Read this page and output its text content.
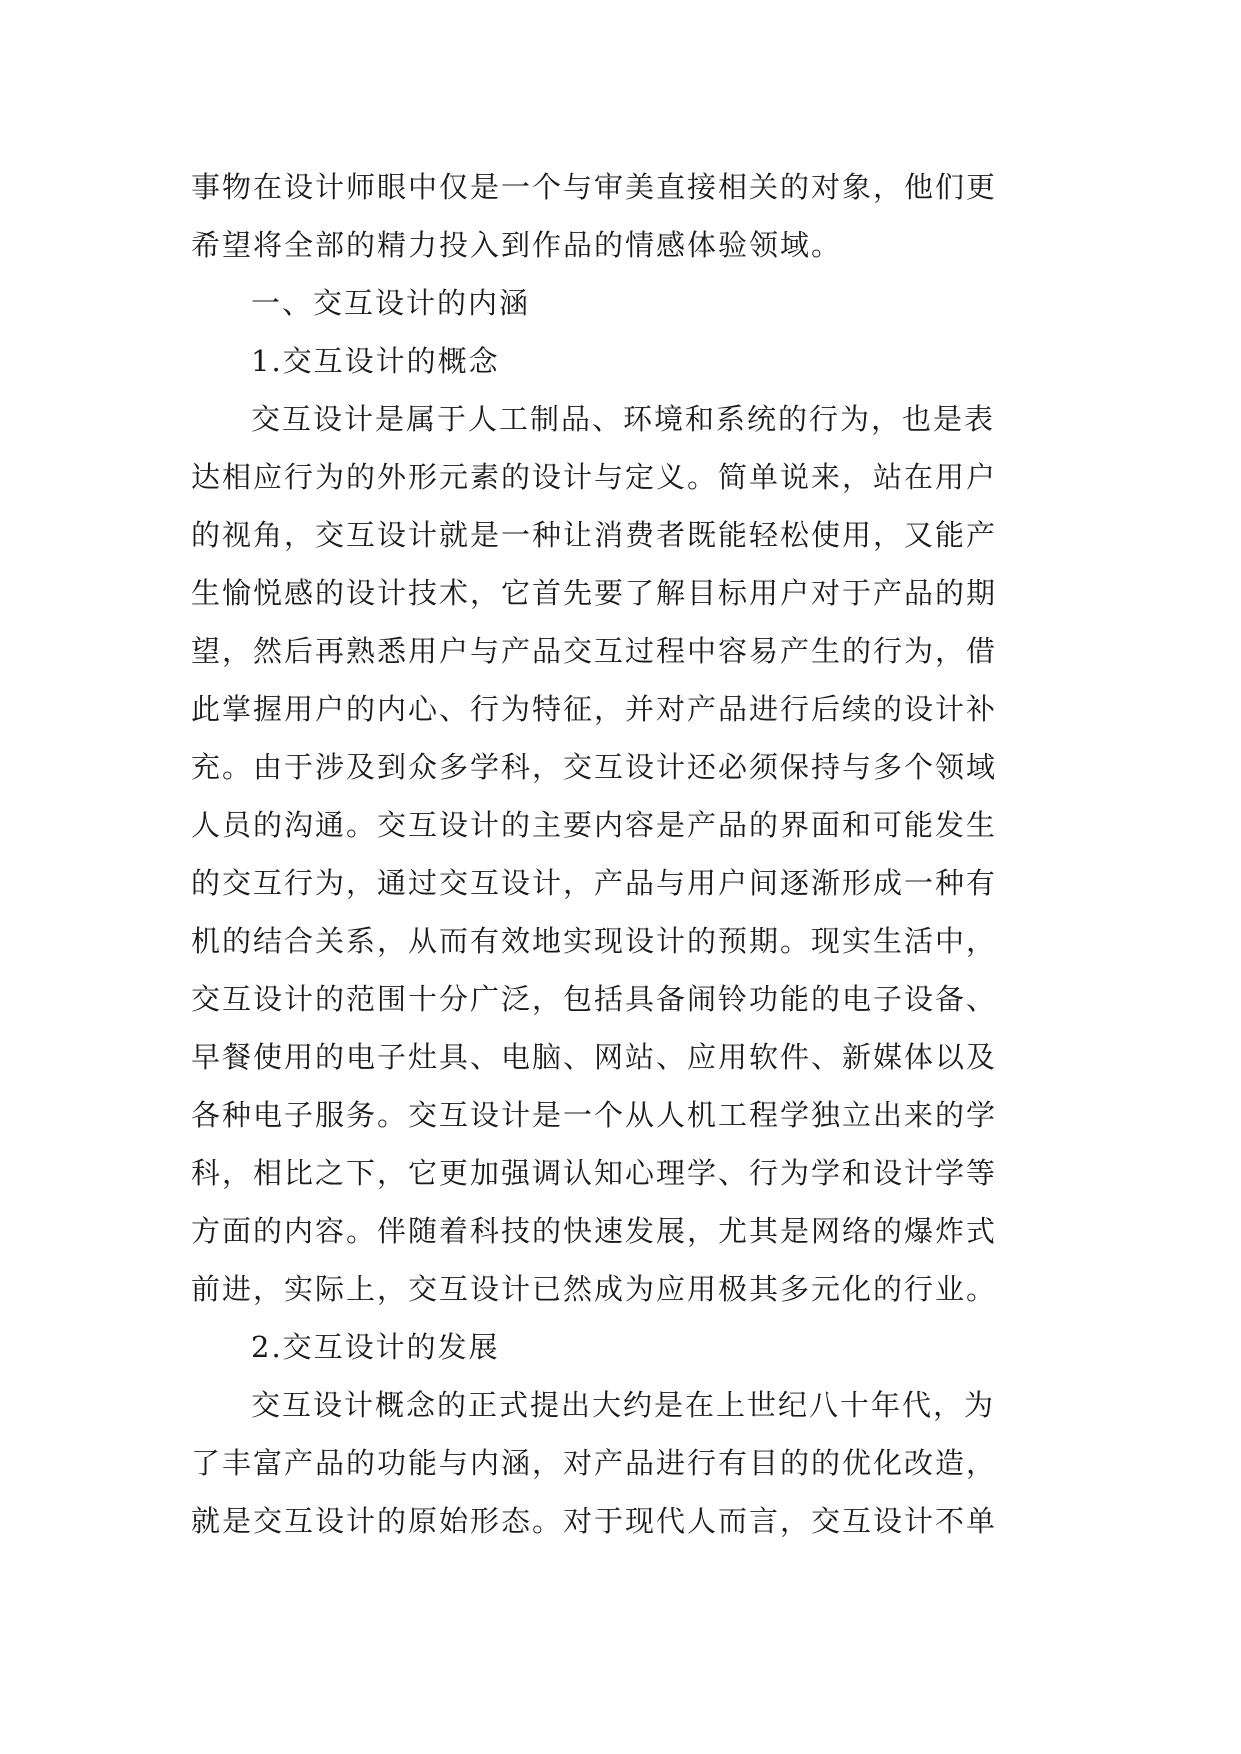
事物在设计师眼中仅是一个与审美直接相关的对象，他们更
希望将全部的精力投入到作品的情感体验领域。
一、交互设计的内涵
1.交互设计的概念
交互设计是属于人工制品、环境和系统的行为，也是表
达相应行为的外形元素的设计与定义。简单说来，站在用户
的视角，交互设计就是一种让消费者既能轻松使用，又能产
生愉悦感的设计技术，它首先要了解目标用户对于产品的期
望，然后再熟悉用户与产品交互过程中容易产生的行为，借
此掌握用户的内心、行为特征，并对产品进行后续的设计补
充。由于涉及到众多学科，交互设计还必须保持与多个领域
人员的沟通。交互设计的主要内容是产品的界面和可能发生
的交互行为，通过交互设计，产品与用户间逐渐形成一种有
机的结合关系，从而有效地实现设计的预期。现实生活中，
交互设计的范围十分广泛，包括具备闹铃功能的电子设备、
早餐使用的电子灶具、电脑、网站、应用软件、新媒体以及
各种电子服务。交互设计是一个从人机工程学独立出来的学
科，相比之下，它更加强调认知心理学、行为学和设计学等
方面的内容。伴随着科技的快速发展，尤其是网络的爆炸式
前进，实际上，交互设计已然成为应用极其多元化的行业。
2.交互设计的发展
交互设计概念的正式提出大约是在上世纪八十年代，为
了丰富产品的功能与内涵，对产品进行有目的的优化改造，
就是交互设计的原始形态。对于现代人而言，交互设计不单
